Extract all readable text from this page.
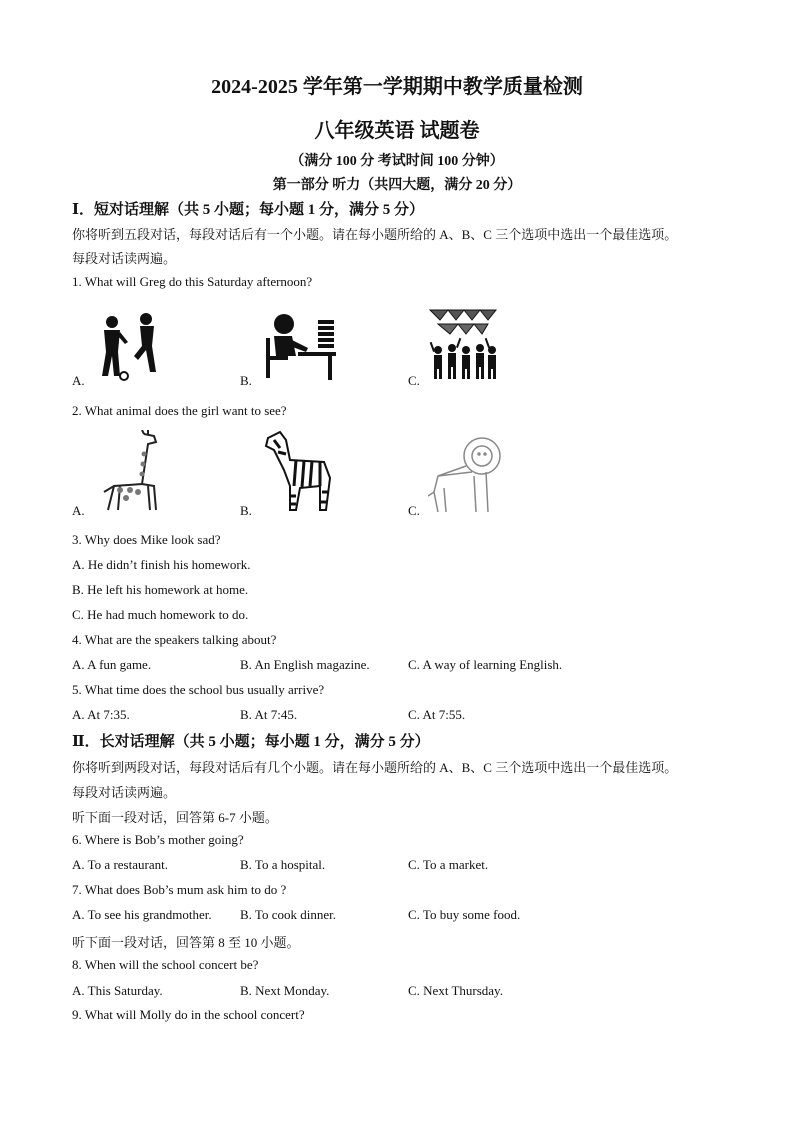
2024-2025 学年第一学期期中教学质量检测
八年级英语 试题卷
（满分 100 分 考试时间 100 分钟）
第一部分 听力（共四大题，满分 20 分）
Ⅰ．短对话理解（共 5 小题；每小题 1 分，满分 5 分）
你将听到五段对话，每段对话后有一个小题。请在每小题所给的 A、B、C 三个选项中选出一个最佳选项。
每段对话读两遍。
1. What will Greg do this Saturday afternoon?
A.	B.	C.
2. What animal does the girl want to see?
A.	B.	C.
3. Why does Mike look sad?
A. He didn’t finish his homework.
B. He left his homework at home.
C. He had much homework to do.
4. What are the speakers talking about?
A. A fun game.	B. An English magazine.	C. A way of learning English.
5. What time does the school bus usually arrive?
A. At 7:35.	B. At 7:45.	C. At 7:55.
Ⅱ．长对话理解（共 5 小题；每小题 1 分，满分 5 分）
你将听到两段对话，每段对话后有几个小题。请在每小题所给的 A、B、C 三个选项中选出一个最佳选项。
每段对话读两遍。
听下面一段对话，回答第 6-7 小题。
6. Where is Bob’s mother going?
A. To a restaurant.	B. To a hospital.	C. To a market.
7. What does Bob’s mum ask him to do ?
A. To see his grandmother. B. To cook dinner.	C. To buy some food.
听下面一段对话，回答第 8 至 10 小题。
8. When will the school concert be?
A. This Saturday.	B. Next Monday.	C. Next Thursday.
9. What will Molly do in the school concert?
